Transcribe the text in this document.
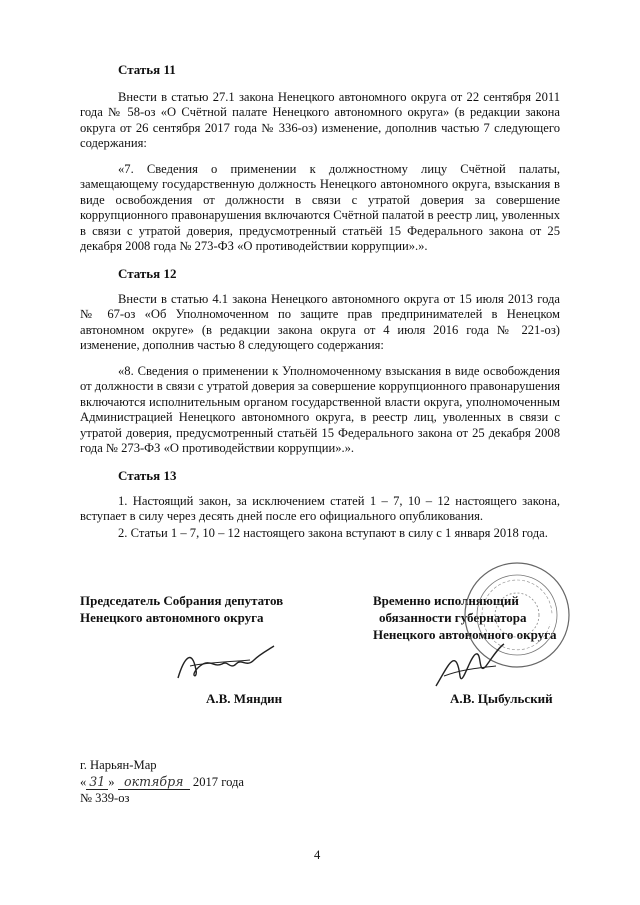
Статья 11
Внести в статью 27.1 закона Ненецкого автономного округа от 22 сентября 2011 года № 58-оз «О Счётной палате Ненецкого автономного округа» (в редакции закона округа от 26 сентября 2017 года № 336-оз) изменение, дополнив частью 7 следующего содержания:
«7. Сведения о применении к должностному лицу Счётной палаты, замещающему государственную должность Ненецкого автономного округа, взыскания в виде освобождения от должности в связи с утратой доверия за совершение коррупционного правонарушения включаются Счётной палатой в реестр лиц, уволенных в связи с утратой доверия, предусмотренный статьёй 15 Федерального закона от 25 декабря 2008 года № 273-ФЗ «О противодействии коррупции».».
Статья 12
Внести в статью 4.1 закона Ненецкого автономного округа от 15 июля 2013 года № 67-оз «Об Уполномоченном по защите прав предпринимателей в Ненецком автономном округе» (в редакции закона округа от 4 июля 2016 года № 221-оз) изменение, дополнив частью 8 следующего содержания:
«8. Сведения о применении к Уполномоченному взыскания в виде освобождения от должности в связи с утратой доверия за совершение коррупционного правонарушения включаются исполнительным органом государственной власти округа, уполномоченным Администрацией Ненецкого автономного округа, в реестр лиц, уволенных в связи с утратой доверия, предусмотренный статьёй 15 Федерального закона от 25 декабря 2008 года № 273-ФЗ «О противодействии коррупции».».
Статья 13
1. Настоящий закон, за исключением статей 1 – 7, 10 – 12 настоящего закона, вступает в силу через десять дней после его официального опубликования.
2. Статьи 1 – 7, 10 – 12 настоящего закона вступают в силу с 1 января 2018 года.
Председатель Собрания депутатов
Ненецкого автономного округа
А.В. Мяндин
Временно исполняющий
обязанности губернатора
Ненецкого автономного округа
А.В. Цыбульский
г. Нарьян-Мар
« 31 » октября 2017 года
№ 339-оз
4
